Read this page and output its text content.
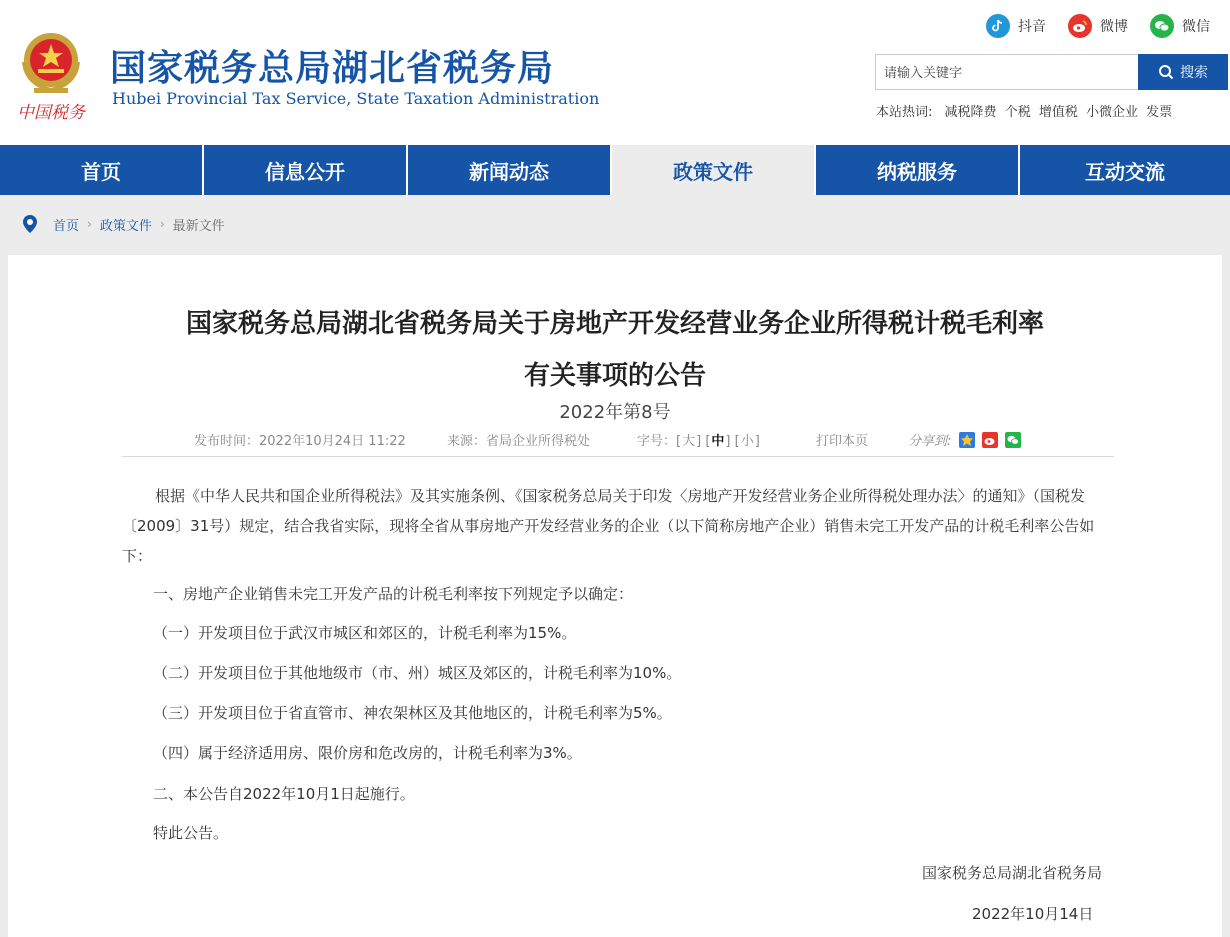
中国税务
国家税务总局湖北省税务局
Hubei Provincial Tax Service, State Taxation Administration
抖音	微博	微信
请输入关键字
搜索
本站热词: 减税降费 个税 增值税 小微企业 发票
首页	信息公开	新闻动态	政策文件	纳税服务	互动交流
首页 › 政策文件 › 最新文件
国家税务总局湖北省税务局关于房地产开发经营业务企业所得税计税毛利率
有关事项的公告
2022年第8号
发布时间：2022年10月24日 11:22	来源：省局企业所得税处	字号：[大] [中] [小]	打印本页	分享到:
根据《中华人民共和国企业所得税法》及其实施条例、《国家税务总局关于印发〈房地产开发经营业务企业所得税处理办法〉的通知》（国税发〔2009〕31号）规定，结合我省实际，现将全省从事房地产开发经营业务的企业（以下简称房地产企业）销售未完工开发产品的计税毛利率公告如下：
一、房地产企业销售未完工开发产品的计税毛利率按下列规定予以确定：
（一）开发项目位于武汉市城区和郊区的，计税毛利率为15%。
（二）开发项目位于其他地级市（市、州）城区及郊区的，计税毛利率为10%。
（三）开发项目位于省直管市、神农架林区及其他地区的，计税毛利率为5%。
（四）属于经济适用房、限价房和危改房的，计税毛利率为3%。
二、本公告自2022年10月1日起施行。
特此公告。
国家税务总局湖北省税务局
2022年10月14日
